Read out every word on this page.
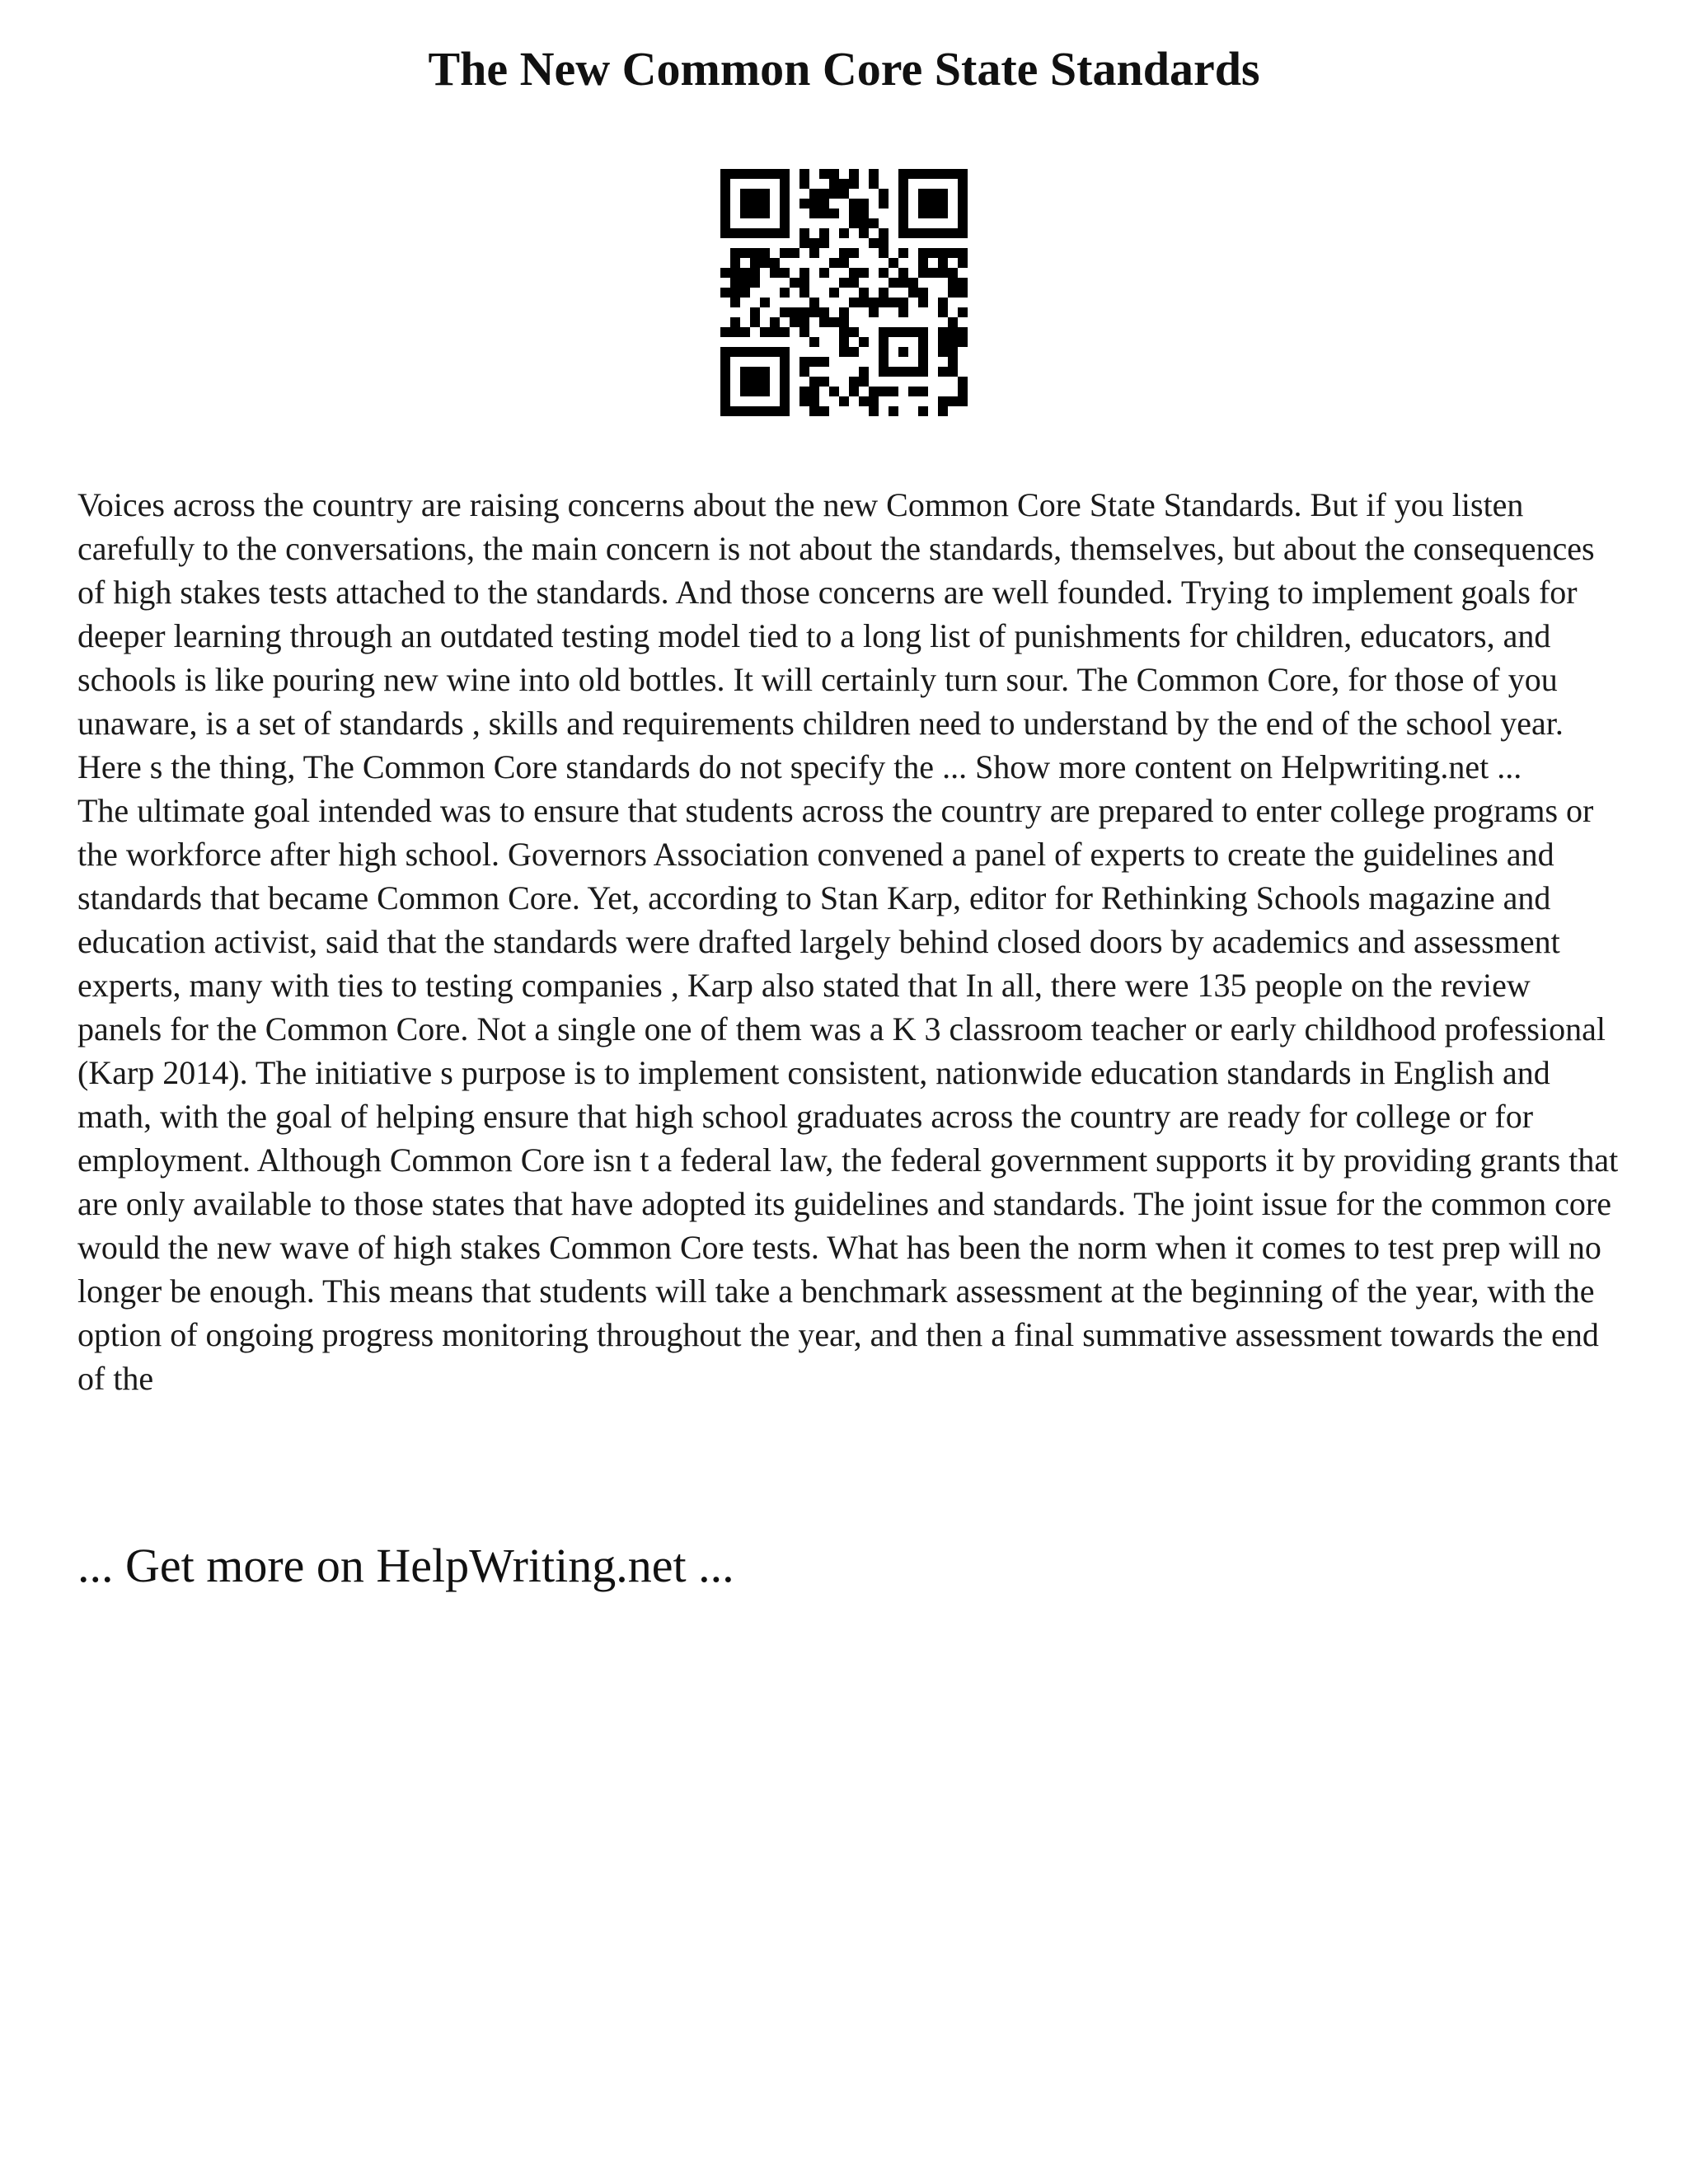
The New Common Core State Standards

Voices across the country are raising concerns about the new Common Core State Standards. But if you listen carefully to the conversations, the main concern is not about the standards, themselves, but about the consequences of high stakes tests attached to the standards. And those concerns are well founded. Trying to implement goals for deeper learning through an outdated testing model tied to a long list of punishments for children, educators, and schools is like pouring new wine into old bottles. It will certainly turn sour. The Common Core, for those of you unaware, is a set of standards , skills and requirements children need to understand by the end of the school year. Here s the thing, The Common Core standards do not specify the ... Show more content on Helpwriting.net ...

The ultimate goal intended was to ensure that students across the country are prepared to enter college programs or the workforce after high school. Governors Association convened a panel of experts to create the guidelines and standards that became Common Core. Yet, according to Stan Karp, editor for Rethinking Schools magazine and education activist, said that the standards were drafted largely behind closed doors by academics and assessment experts, many with ties to testing companies , Karp also stated that In all, there were 135 people on the review panels for the Common Core. Not a single one of them was a K 3 classroom teacher or early childhood professional (Karp 2014). The initiative s purpose is to implement consistent, nationwide education standards in English and math, with the goal of helping ensure that high school graduates across the country are ready for college or for employment. Although Common Core isn t a federal law, the federal government supports it by providing grants that are only available to those states that have adopted its guidelines and standards. The joint issue for the common core would the new wave of high stakes Common Core tests. What has been the norm when it comes to test prep will no longer be enough. This means that students will take a benchmark assessment at the beginning of the year, with the option of ongoing progress monitoring throughout the year, and then a final summative assessment towards the end of the

... Get more on HelpWriting.net ...
